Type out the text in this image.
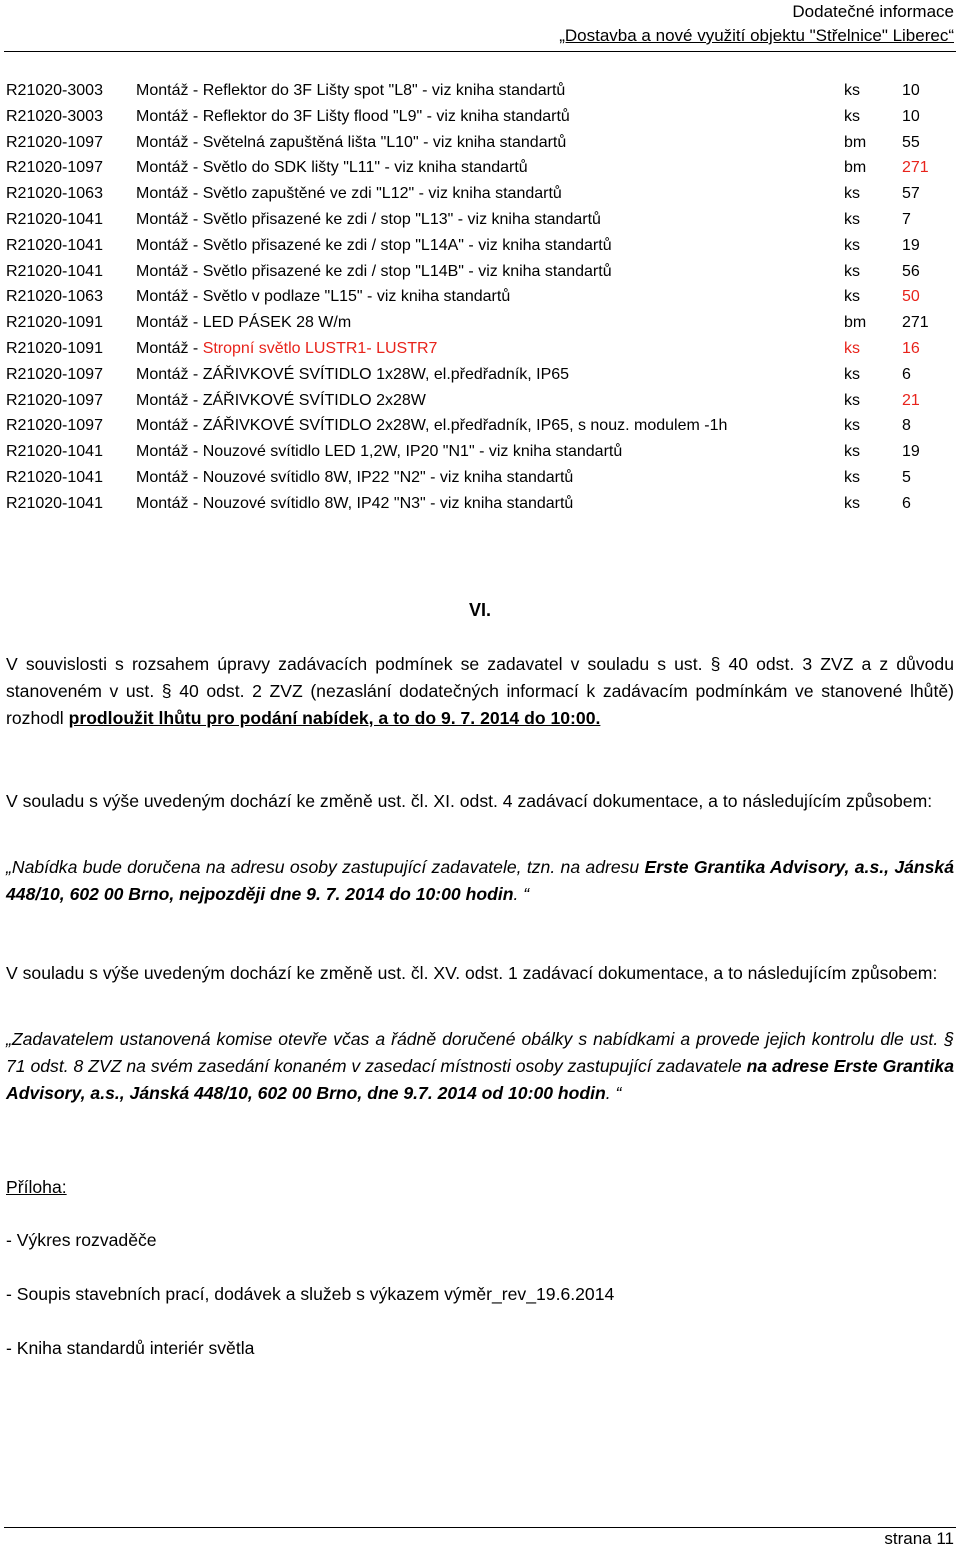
Dodatečné informace
„Dostavba a nové využití objektu "Střelnice" Liberec“
R21020-3003 Montáž - Reflektor do 3F Lišty spot "L8" - viz kniha standartů	ks	10
R21020-3003 Montáž - Reflektor do 3F Lišty flood "L9" - viz kniha standartů	ks	10
R21020-1097 Montáž - Světelná zapuštěná lišta "L10" - viz kniha standartů	bm 55
R21020-1097 Montáž - Světlo do SDK lišty "L11" - viz kniha standartů	bm 271
R21020-1063 Montáž - Světlo zapuštěné ve zdi "L12" - viz kniha standartů	ks	57
R21020-1041 Montáž - Světlo přisazené ke zdi / stop "L13" - viz kniha standartů	ks	7
R21020-1041 Montáž - Světlo přisazené ke zdi / stop "L14A" - viz kniha standartů	ks	19
R21020-1041 Montáž - Světlo přisazené ke zdi / stop "L14B" - viz kniha standartů	ks	56
R21020-1063 Montáž - Světlo v podlaze "L15" - viz kniha standartů	ks	50
R21020-1091 Montáž - LED PÁSEK 28 W/m	bm 271
R21020-1091 Montáž - Stropní světlo LUSTR1- LUSTR7	ks	16
R21020-1097 Montáž - ZÁŘIVKOVÉ SVÍTIDLO 1x28W, el.předřadník, IP65	ks	6
R21020-1097 Montáž - ZÁŘIVKOVÉ SVÍTIDLO 2x28W	ks	21
R21020-1097 Montáž - ZÁŘIVKOVÉ SVÍTIDLO 2x28W, el.předřadník, IP65, s nouz. modulem -1h	ks	8
R21020-1041 Montáž - Nouzové svítidlo LED 1,2W, IP20 "N1" - viz kniha standartů	ks	19
R21020-1041 Montáž - Nouzové svítidlo 8W, IP22 "N2" - viz kniha standartů	ks	5
R21020-1041 Montáž - Nouzové svítidlo 8W, IP42 "N3" - viz kniha standartů	ks	6
VI.
V souvislosti s rozsahem úpravy zadávacích podmínek se zadavatel v souladu s ust. § 40 odst. 3 ZVZ a z důvodu stanoveném v ust. § 40 odst. 2 ZVZ (nezaslání dodatečných informací k zadávacím podmínkám ve stanovené lhůtě) rozhodl prodloužit lhůtu pro podání nabídek, a to do 9. 7. 2014 do 10:00.
V souladu s výše uvedeným dochází ke změně ust. čl. XI. odst. 4 zadávací dokumentace, a to následujícím způsobem:
„Nabídka bude doručena na adresu osoby zastupující zadavatele, tzn. na adresu Erste Grantika Advisory, a.s., Jánská 448/10, 602 00 Brno, nejpozději dne 9. 7. 2014 do 10:00 hodin. “
V souladu s výše uvedeným dochází ke změně ust. čl. XV. odst. 1 zadávací dokumentace, a to následujícím způsobem:
„Zadavatelem ustanovená komise otevře včas a řádně doručené obálky s nabídkami a provede jejich kontrolu dle ust. § 71 odst. 8 ZVZ na svém zasedání konaném v zasedací místnosti osoby zastupující zadavatele na adrese Erste Grantika Advisory, a.s., Jánská 448/10, 602 00 Brno, dne 9.7. 2014 od 10:00 hodin. “
Příloha:
- Výkres rozvaděče
- Soupis stavebních prací, dodávek a služeb s výkazem výměr_rev_19.6.2014
- Kniha standardů interiér světla
strana 11
